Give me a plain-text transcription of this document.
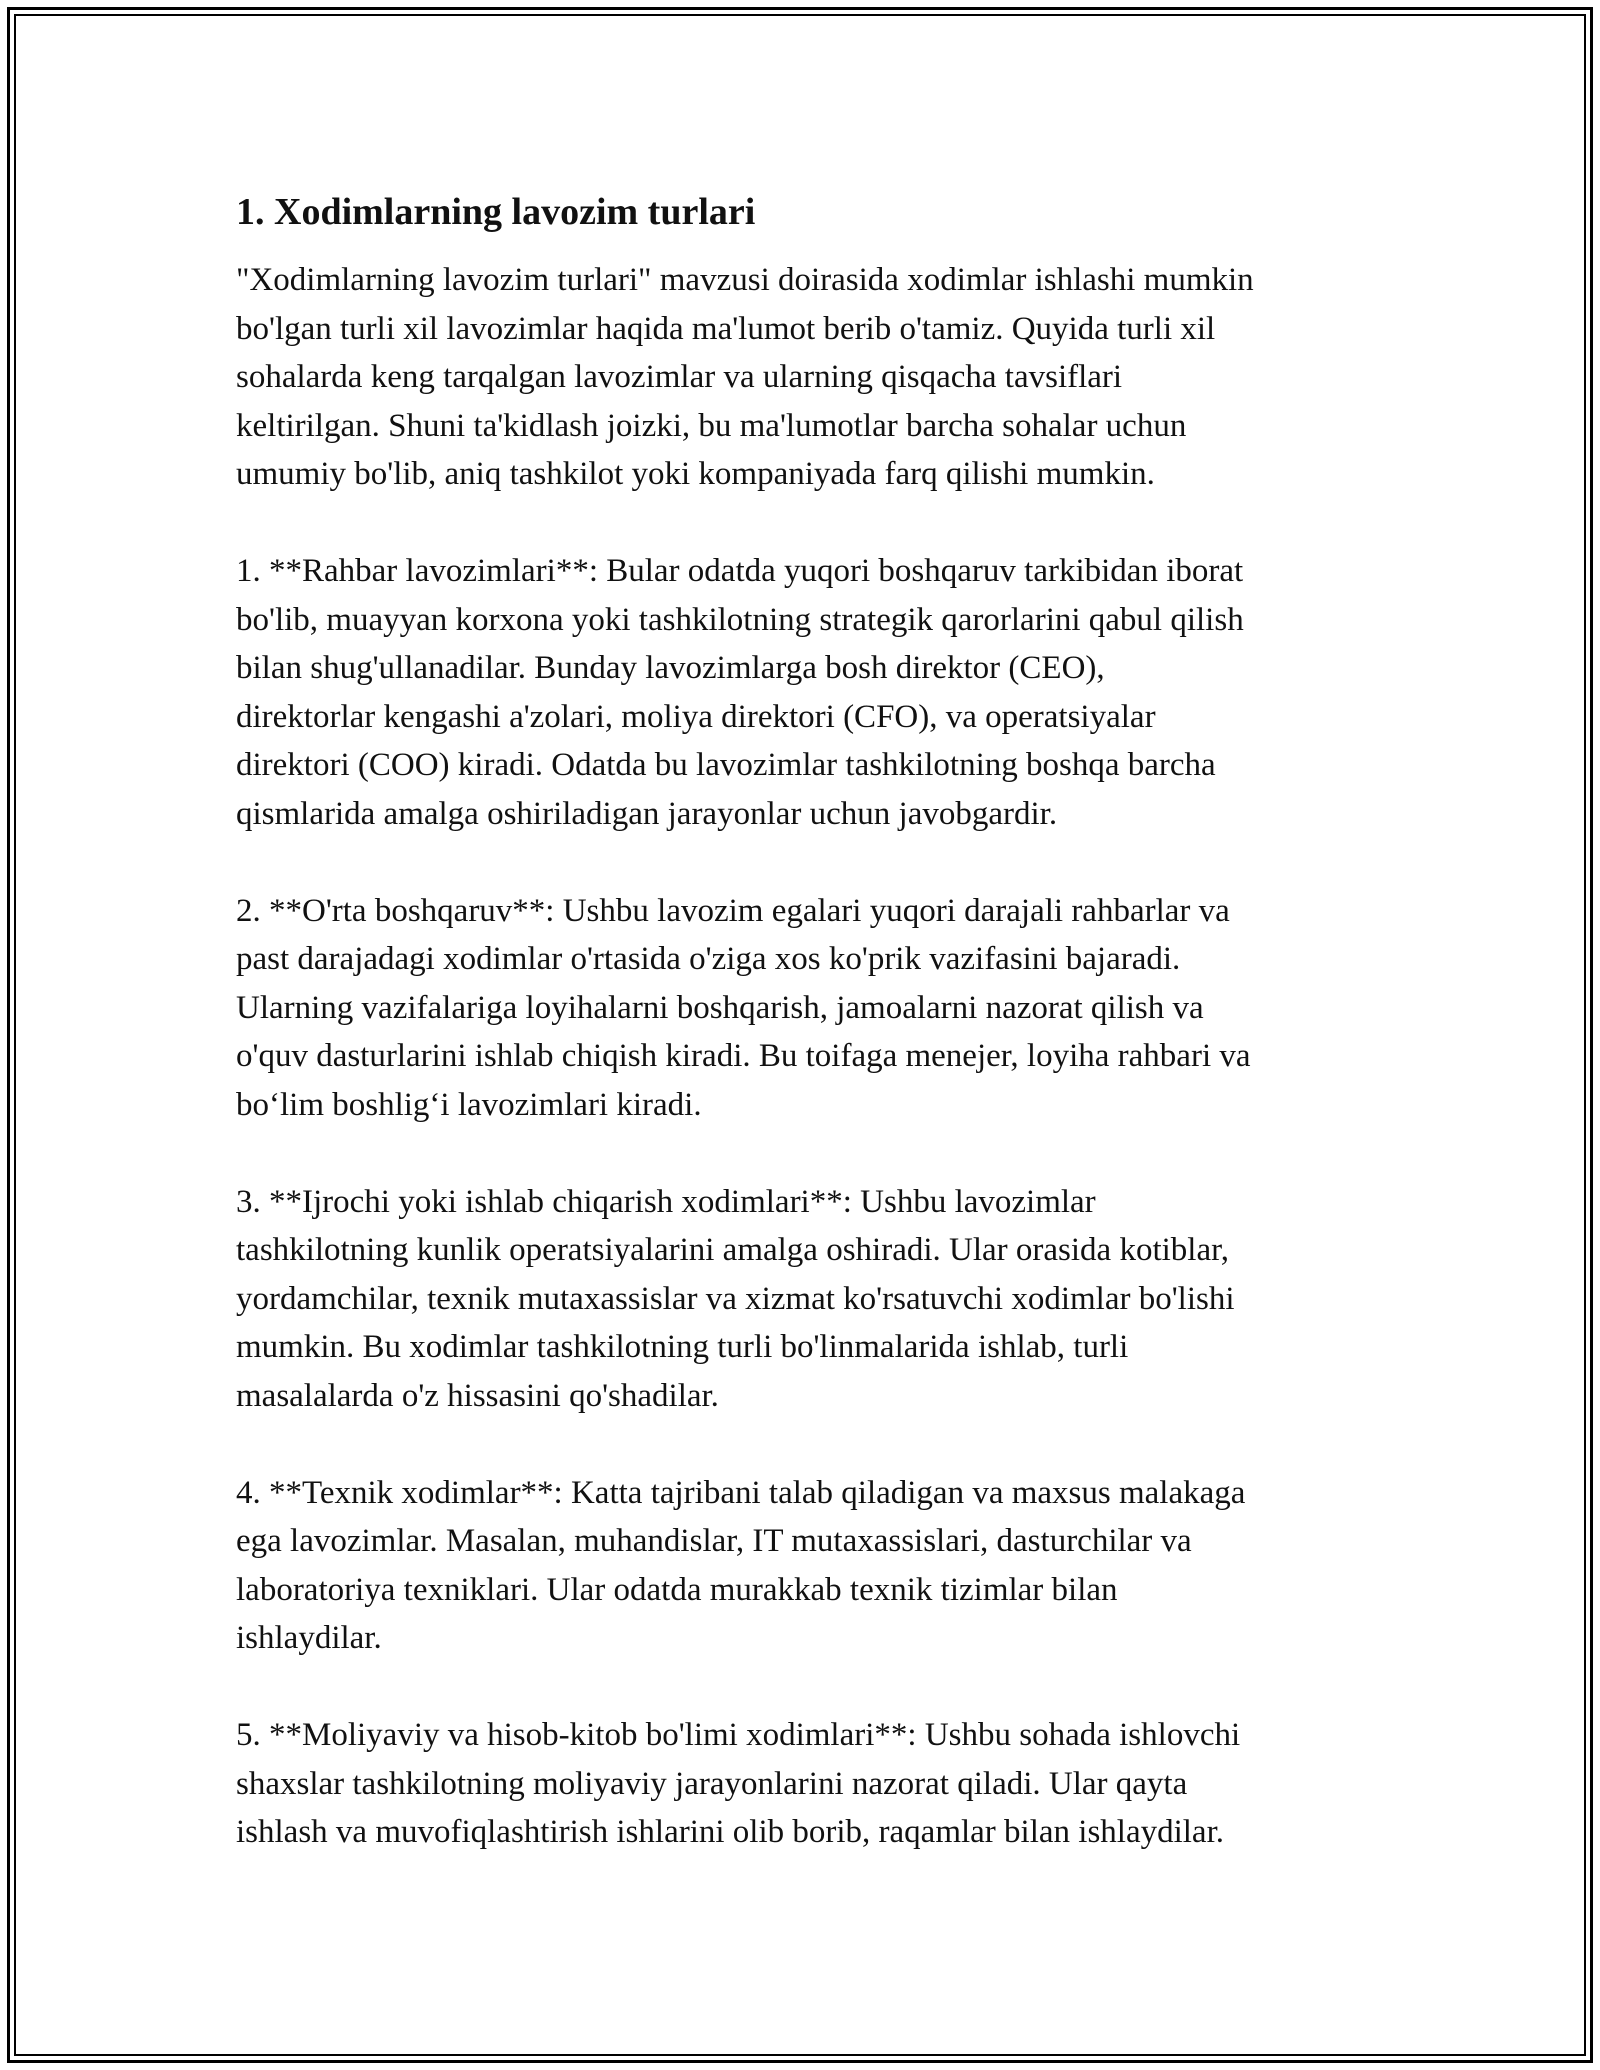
1. Xodimlarning lavozim turlari

"Xodimlarning lavozim turlari" mavzusi doirasida xodimlar ishlashi mumkin
bo'lgan turli xil lavozimlar haqida ma'lumot berib o'tamiz. Quyida turli xil
sohalarda keng tarqalgan lavozimlar va ularning qisqacha tavsiflari
keltirilgan. Shuni ta'kidlash joizki, bu ma'lumotlar barcha sohalar uchun
umumiy bo'lib, aniq tashkilot yoki kompaniyada farq qilishi mumkin.

1. **Rahbar lavozimlari**: Bular odatda yuqori boshqaruv tarkibidan iborat
bo'lib, muayyan korxona yoki tashkilotning strategik qarorlarini qabul qilish
bilan shug'ullanadilar. Bunday lavozimlarga bosh direktor (CEO),
direktorlar kengashi a'zolari, moliya direktori (CFO), va operatsiyalar
direktori (COO) kiradi. Odatda bu lavozimlar tashkilotning boshqa barcha
qismlarida amalga oshiriladigan jarayonlar uchun javobgardir.

2. **O'rta boshqaruv**: Ushbu lavozim egalari yuqori darajali rahbarlar va
past darajadagi xodimlar o'rtasida o'ziga xos ko'prik vazifasini bajaradi.
Ularning vazifalariga loyihalarni boshqarish, jamoalarni nazorat qilish va
o'quv dasturlarini ishlab chiqish kiradi. Bu toifaga menejer, loyiha rahbari va
bo‘lim boshlig‘i lavozimlari kiradi.

3. **Ijrochi yoki ishlab chiqarish xodimlari**: Ushbu lavozimlar
tashkilotning kunlik operatsiyalarini amalga oshiradi. Ular orasida kotiblar,
yordamchilar, texnik mutaxassislar va xizmat ko'rsatuvchi xodimlar bo'lishi
mumkin. Bu xodimlar tashkilotning turli bo'linmalarida ishlab, turli
masalalarda o'z hissasini qo'shadilar.

4. **Texnik xodimlar**: Katta tajribani talab qiladigan va maxsus malakaga
ega lavozimlar. Masalan, muhandislar, IT mutaxassislari, dasturchilar va
laboratoriya texniklari. Ular odatda murakkab texnik tizimlar bilan
ishlaydilar.

5. **Moliyaviy va hisob-kitob bo'limi xodimlari**: Ushbu sohada ishlovchi
shaxslar tashkilotning moliyaviy jarayonlarini nazorat qiladi. Ular qayta
ishlash va muvofiqlashtirish ishlarini olib borib, raqamlar bilan ishlaydilar.
